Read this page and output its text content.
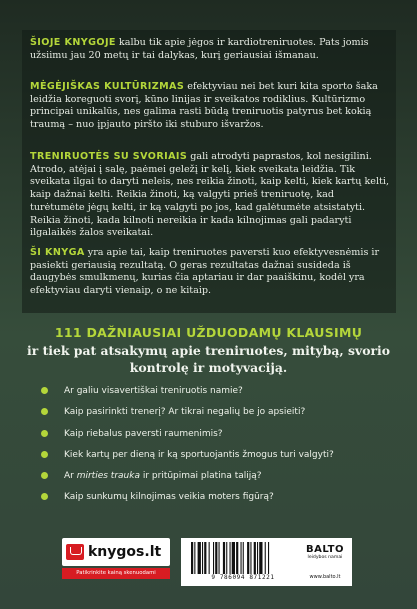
ŠIOJE KNYGOJE kalbu tik apie jėgos ir kardiotreniruotes. Pats jomis užsiimu jau 20 metų ir tai dalykas, kurį geriausiai išmanau.

MĖGĖJIŠKAS KULTŪRIZMAS efektyviau nei bet kuri kita sporto šaka leidžia koreguoti svorį, kūno linijas ir sveikatos rodiklius. Kultūrizmo principai unikalūs, nes galima rasti būdą treniruotis patyrus bet kokią traumą – nuo įpjauto piršto iki stuburo išvaržos.

TRENIRUOTĖS SU SVORIAIS gali atrodyti paprastos, kol nesigilini. Atrodo, atėjai į salę, paėmei geležį ir kelį, kiek sveikata leidžia. Tik sveikata ilgai to daryti neleis, nes reikia žinoti, kaip kelti, kiek kartų kelti, kaip dažnai kelti. Reikia žinoti, ką valgyti prieš treniruotę, kad turėtumėte jėgų kelti, ir ką valgyti po jos, kad galėtumėte atsistatyti. Reikia žinoti, kada kilnoti nereikia ir kada kilnojimas gali padaryti ilgalaikės žalos sveikatai.

ŠI KNYGA yra apie tai, kaip treniruotes paversti kuo efektyvesnėmis ir pasiekti geriausią rezultatą. O geras rezultatas dažnai susideda iš daugybės smulkmenų, kurias čia aptariau ir dar paaiškinu, kodėl yra efektyviau daryti vienaip, o ne kitaip.

111 DAŽNIAUSIAI UŽDUODAMŲ KLAUSIMŲ
ir tiek pat atsakymų apie treniruotes, mitybą, svorio kontrolę ir motyvaciją.
Ar galiu visavertiškai treniruotis namie?
Kaip pasirinkti trenerį? Ar tikrai negalių be jo apsieiti?
Kaip riebalus paversti raumenimis?
Kiek kartų per dieną ir ką sportuojantis žmogus turi valgyti?
Ar mirties trauka ir pritūpimai platina taliją?
Kaip sunkumų kilnojimas veikia moters figūrą?
knygos.lt
Patikrinkite kainą skenuodami
9 786094 871221
BALTO
leidybos namai
www.balto.lt
